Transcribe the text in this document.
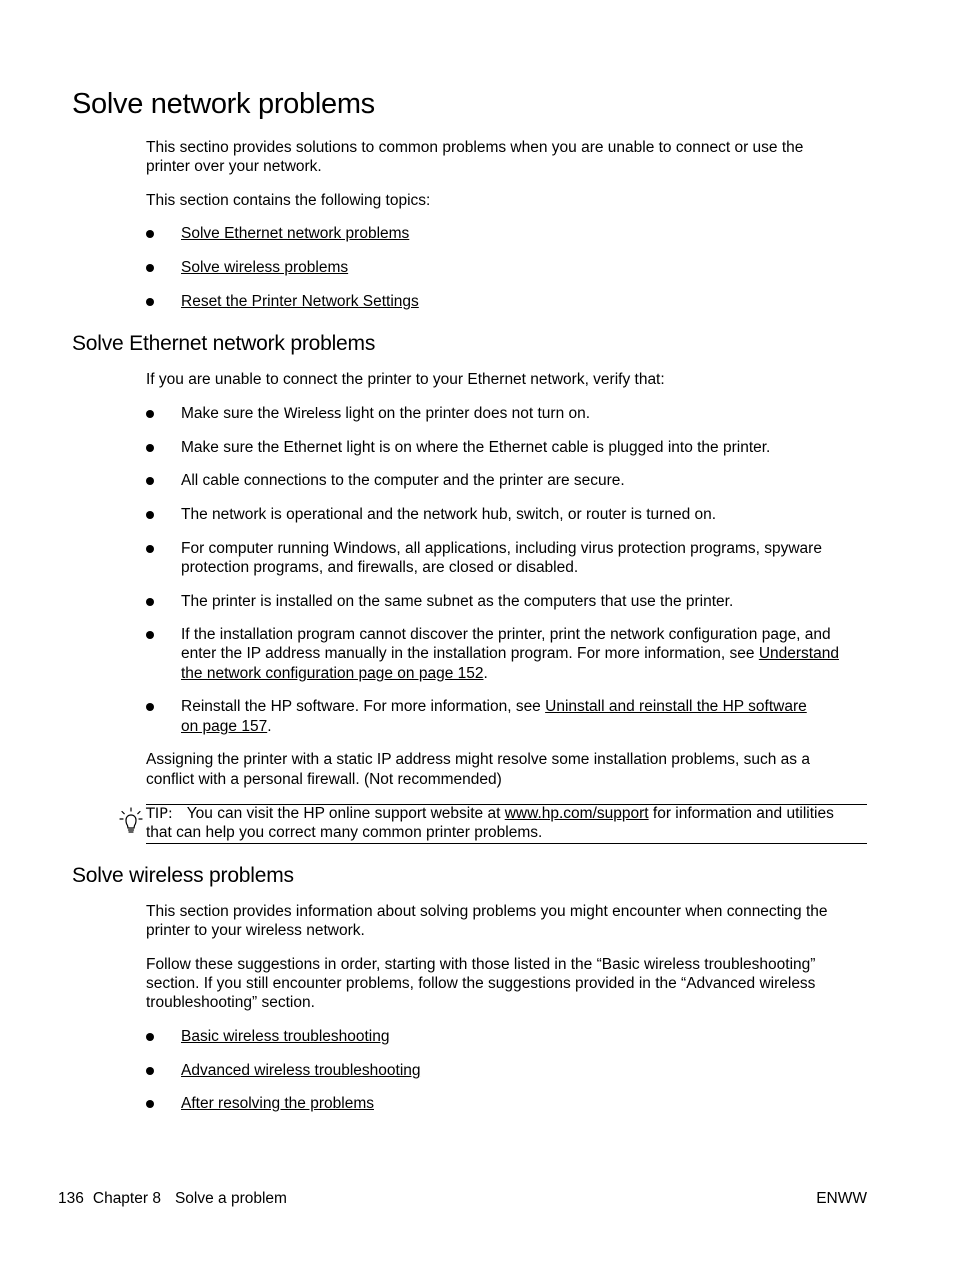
Solve network problems
This sectino provides solutions to common problems when you are unable to connect or use the
printer over your network.
This section contains the following topics:
Solve Ethernet network problems
Solve wireless problems
Reset the Printer Network Settings
Solve Ethernet network problems
If you are unable to connect the printer to your Ethernet network, verify that:
Make sure the Wireless light on the printer does not turn on.
Make sure the Ethernet light is on where the Ethernet cable is plugged into the printer.
All cable connections to the computer and the printer are secure.
The network is operational and the network hub, switch, or router is turned on.
For computer running Windows, all applications, including virus protection programs, spyware
protection programs, and firewalls, are closed or disabled.
The printer is installed on the same subnet as the computers that use the printer.
If the installation program cannot discover the printer, print the network configuration page, and
enter the IP address manually in the installation program. For more information, see Understand
the network configuration page on page 152.
Reinstall the HP software. For more information, see Uninstall and reinstall the HP software
on page 157.
Assigning the printer with a static IP address might resolve some installation problems, such as a
conflict with a personal firewall. (Not recommended)
TIP: You can visit the HP online support website at www.hp.com/support for information and utilities
that can help you correct many common printer problems.
Solve wireless problems
This section provides information about solving problems you might encounter when connecting the
printer to your wireless network.
Follow these suggestions in order, starting with those listed in the “Basic wireless troubleshooting”
section. If you still encounter problems, follow the suggestions provided in the “Advanced wireless
troubleshooting” section.
Basic wireless troubleshooting
Advanced wireless troubleshooting
After resolving the problems
136 Chapter 8 Solve a problem	ENWW
